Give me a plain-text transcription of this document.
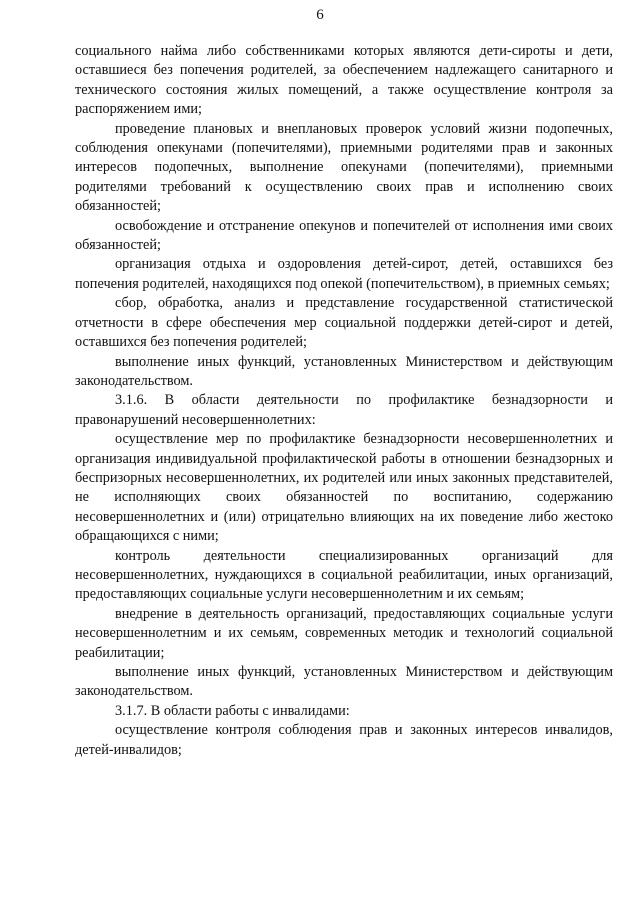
6

социального найма либо собственниками которых являются дети-сироты и дети, оставшиеся без попечения родителей, за обеспечением надлежащего санитарного и технического состояния жилых помещений, а также осуществление контроля за распоряжением ими;

проведение плановых и внеплановых проверок условий жизни подопечных, соблюдения опекунами (попечителями), приемными родителями прав и законных интересов подопечных, выполнение опекунами (попечителями), приемными родителями требований к осуществлению своих прав и исполнению своих обязанностей;

освобождение и отстранение опекунов и попечителей от исполнения ими своих обязанностей;

организация отдыха и оздоровления детей-сирот, детей, оставшихся без попечения родителей, находящихся под опекой (попечительством), в приемных семьях;

сбор, обработка, анализ и представление государственной статистической отчетности в сфере обеспечения мер социальной поддержки детей-сирот и детей, оставшихся без попечения родителей;

выполнение иных функций, установленных Министерством и действующим законодательством.

3.1.6. В области деятельности по профилактике безнадзорности и правонарушений несовершеннолетних:

осуществление мер по профилактике безнадзорности несовершеннолетних и организация индивидуальной профилактической работы в отношении безнадзорных и беспризорных несовершеннолетних, их родителей или иных законных представителей, не исполняющих своих обязанностей по воспитанию, содержанию несовершеннолетних и (или) отрицательно влияющих на их поведение либо жестоко обращающихся с ними;

контроль деятельности специализированных организаций для несовершеннолетних, нуждающихся в социальной реабилитации, иных организаций, предоставляющих социальные услуги несовершеннолетним и их семьям;

внедрение в деятельность организаций, предоставляющих социальные услуги несовершеннолетним и их семьям, современных методик и технологий социальной реабилитации;

выполнение иных функций, установленных Министерством и действующим законодательством.

3.1.7. В области работы с инвалидами:

осуществление контроля соблюдения прав и законных интересов инвалидов, детей-инвалидов;
